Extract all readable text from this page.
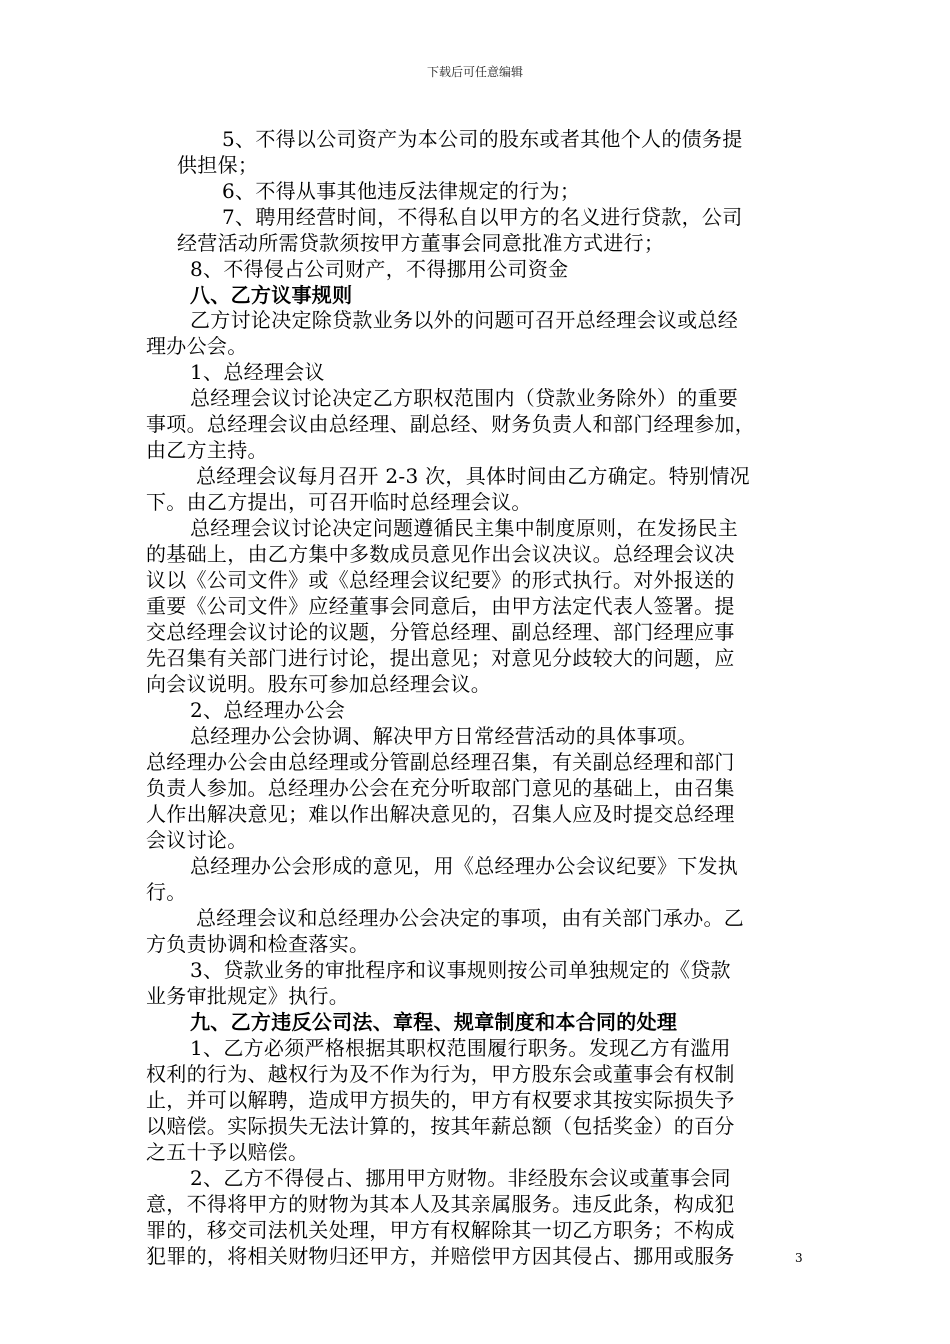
下载后可任意编辑
5、不得以公司资产为本公司的股东或者其他个人的债务提
供担保；
6、不得从事其他违反法律规定的行为；
7、聘用经营时间，不得私自以甲方的名义进行贷款，公司
经营活动所需贷款须按甲方董事会同意批准方式进行；
8、不得侵占公司财产，不得挪用公司资金
八、乙方议事规则
乙方讨论决定除贷款业务以外的问题可召开总经理会议或总经
理办公会。
1、总经理会议
总经理会议讨论决定乙方职权范围内（贷款业务除外）的重要
事项。总经理会议由总经理、副总经、财务负责人和部门经理参加，
由乙方主持。
总经理会议每月召开 2-3 次，具体时间由乙方确定。特别情况
下。由乙方提出，可召开临时总经理会议。
总经理会议讨论决定问题遵循民主集中制度原则，在发扬民主
的基础上，由乙方集中多数成员意见作出会议决议。总经理会议决
议以《公司文件》或《总经理会议纪要》的形式执行。对外报送的
重要《公司文件》应经董事会同意后，由甲方法定代表人签署。提
交总经理会议讨论的议题，分管总经理、副总经理、部门经理应事
先召集有关部门进行讨论，提出意见；对意见分歧较大的问题，应
向会议说明。股东可参加总经理会议。
2、总经理办公会
总经理办公会协调、解决甲方日常经营活动的具体事项。
总经理办公会由总经理或分管副总经理召集，有关副总经理和部门
负责人参加。总经理办公会在充分听取部门意见的基础上，由召集
人作出解决意见；难以作出解决意见的，召集人应及时提交总经理
会议讨论。
总经理办公会形成的意见，用《总经理办公会议纪要》下发执
行。
总经理会议和总经理办公会决定的事项，由有关部门承办。乙
方负责协调和检查落实。
3、贷款业务的审批程序和议事规则按公司单独规定的《贷款
业务审批规定》执行。
九、乙方违反公司法、章程、规章制度和本合同的处理
1、乙方必须严格根据其职权范围履行职务。发现乙方有滥用
权利的行为、越权行为及不作为行为，甲方股东会或董事会有权制
止，并可以解聘，造成甲方损失的，甲方有权要求其按实际损失予
以赔偿。实际损失无法计算的，按其年薪总额（包括奖金）的百分
之五十予以赔偿。
2、乙方不得侵占、挪用甲方财物。非经股东会议或董事会同
意，不得将甲方的财物为其本人及其亲属服务。违反此条，构成犯
罪的，移交司法机关处理，甲方有权解除其一切乙方职务；不构成
犯罪的，将相关财物归还甲方，并赔偿甲方因其侵占、挪用或服务	3
